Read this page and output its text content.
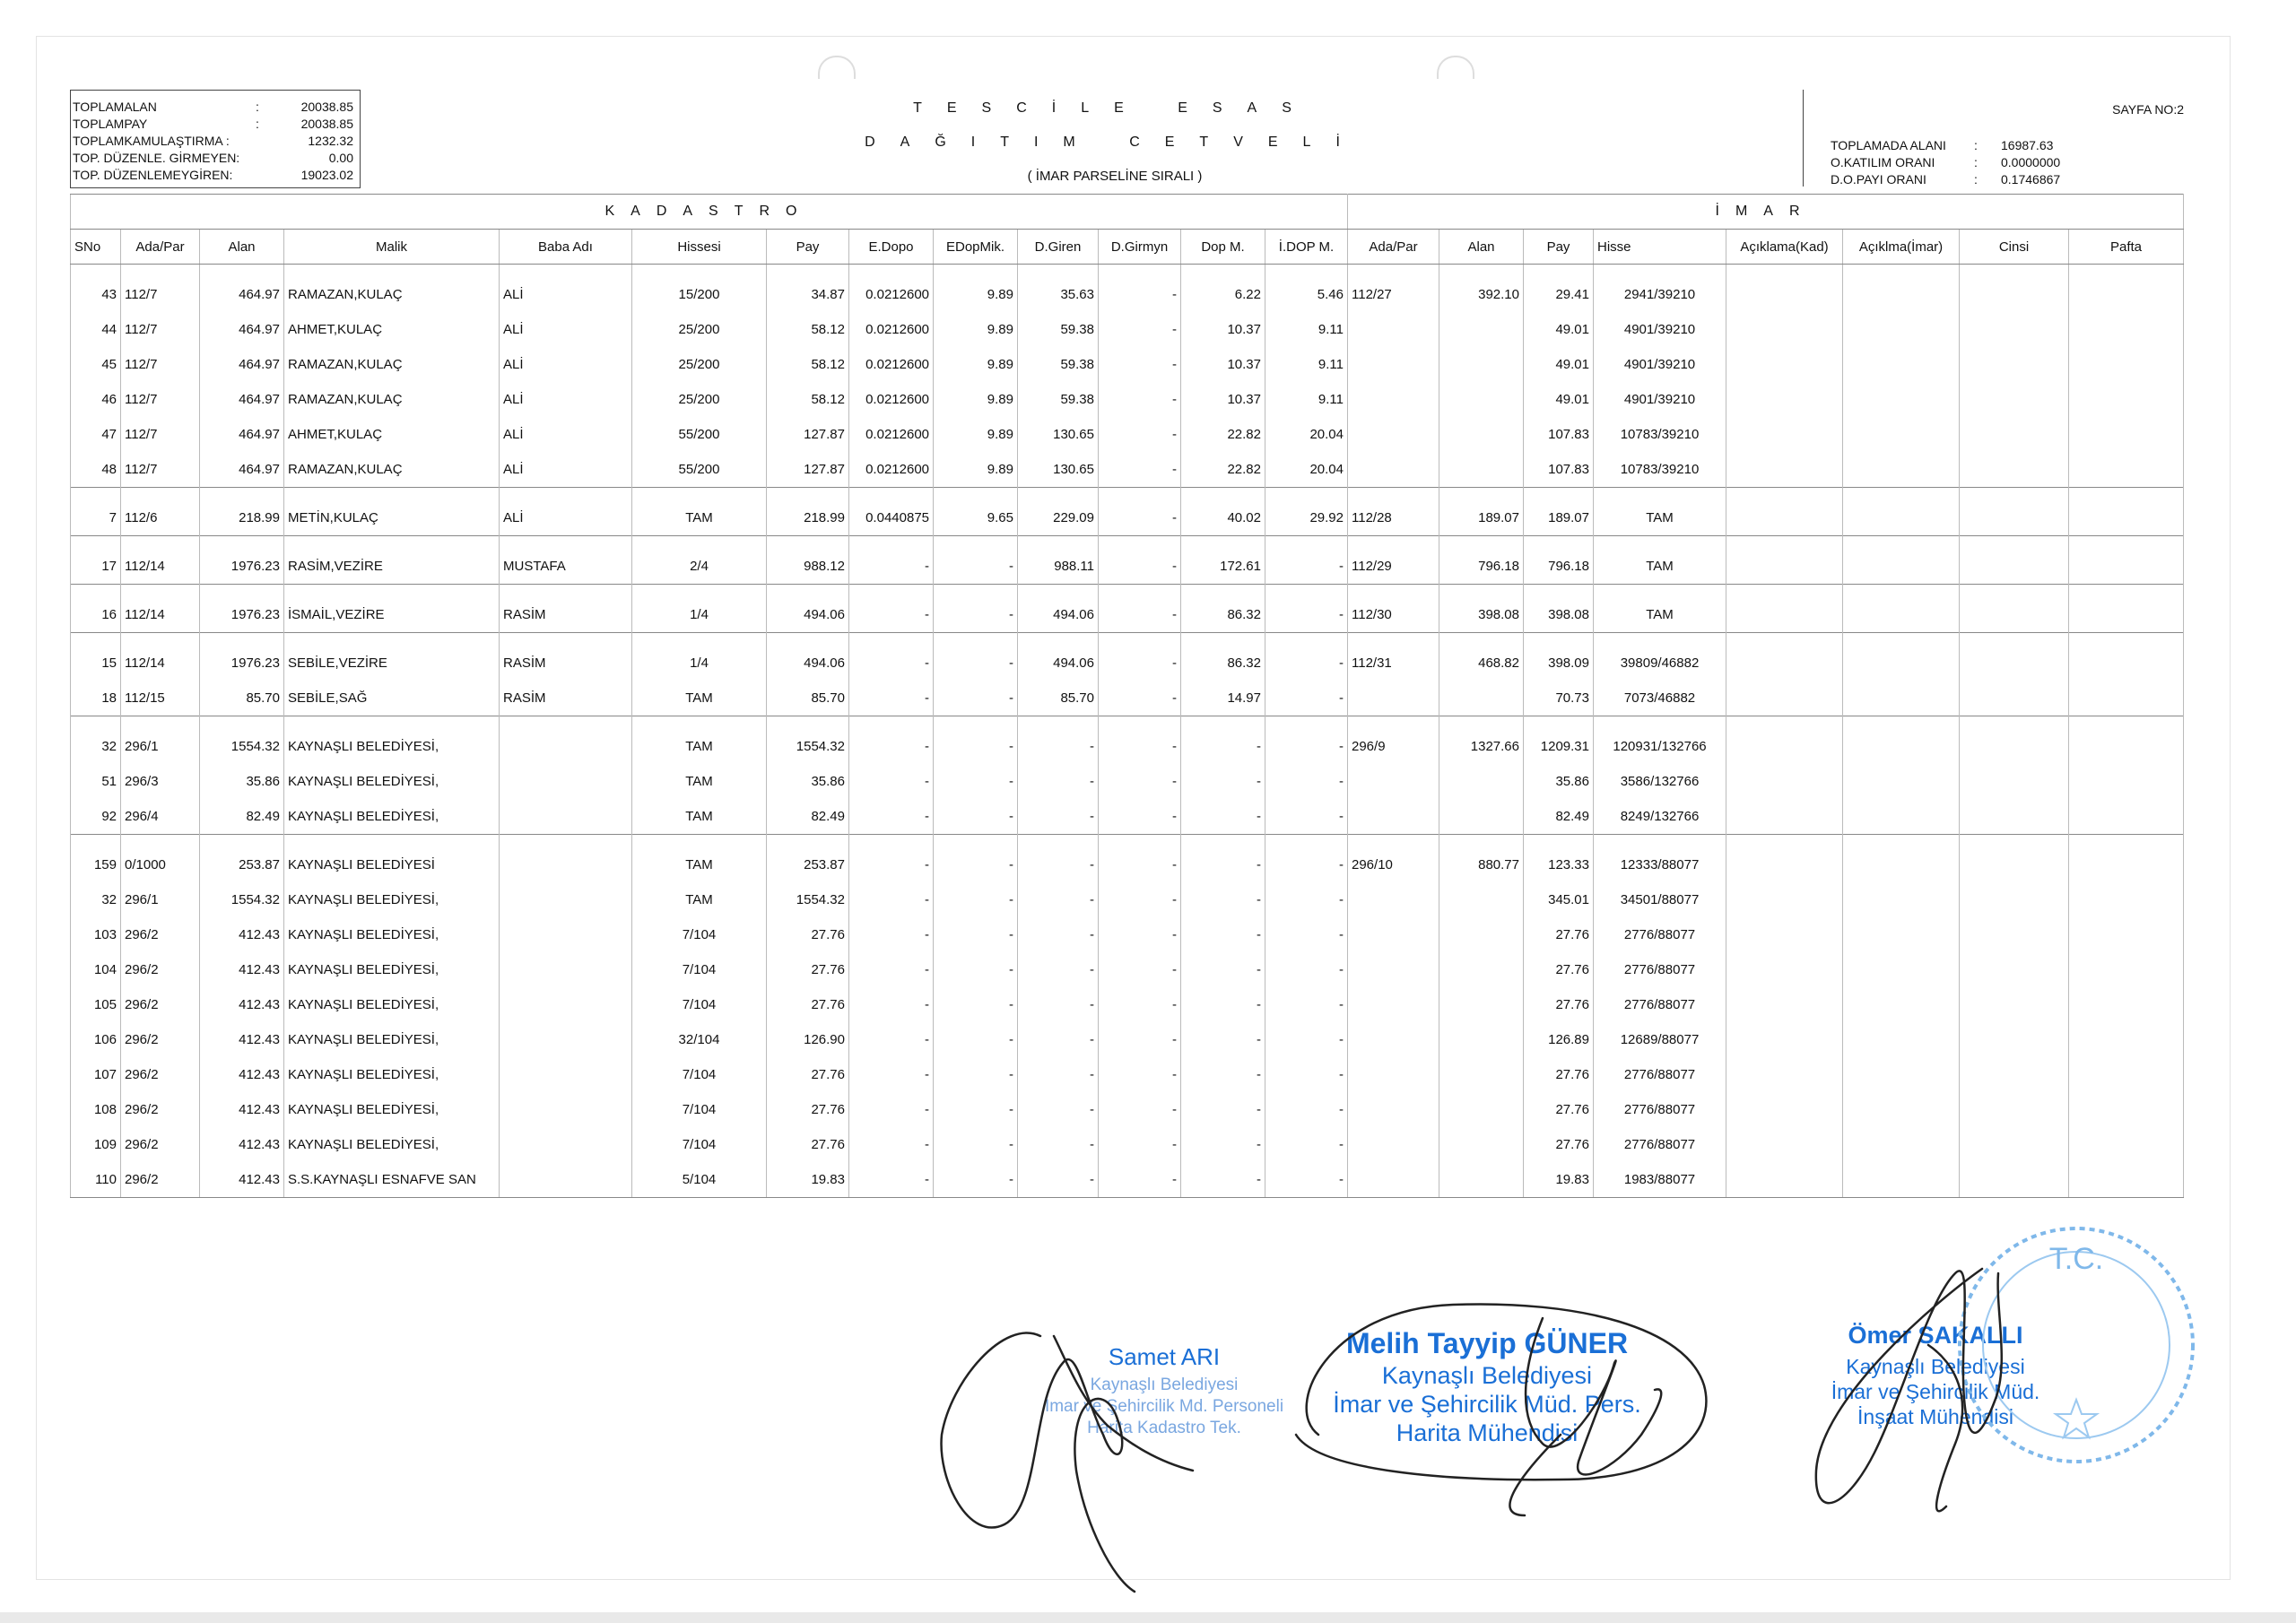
TOPLAMALAN	:	20038.85
TOPLAMPAY	:	20038.85
TOPLAMKAMULAŞTIRMA :	1232.32
TOP. DÜZENLE. GİRMEYEN:	0.00
TOP. DÜZENLEMEYGİREN:	19023.02
TESCİLE ESAS
DAĞITIM CETVELİ
( İMAR PARSELİNE SIRALI )
SAYFA NO:2
TOPLAMADA ALANI : 16987.63
O.KATILIM ORANI	: 0.0000000
D.O.PAYI ORANI	: 0.1746867
KADASTRO													İMAR							
SNo	Ada/Par	Alan	Malik	Baba Adı	Hissesi	Pay	E.Dopo	EDopMik.	D.Giren	D.Girmyn	Dop M.	İ.DOP M.	Ada/Par	Alan	Pay	Hisse	Açıklama(Kad)	Açıklma(İmar)	Cinsi	Pafta

43	112/7	464.97	RAMAZAN,KULAÇ	ALİ	15/200	34.87	0.0212600	9.89	35.63	-	6.22	5.46	112/27	392.10	29.41	2941/39210				
44	112/7	464.97	AHMET,KULAÇ	ALİ	25/200	58.12	0.0212600	9.89	59.38	-	10.37	9.11			49.01	4901/39210				
45	112/7	464.97	RAMAZAN,KULAÇ	ALİ	25/200	58.12	0.0212600	9.89	59.38	-	10.37	9.11			49.01	4901/39210				
46	112/7	464.97	RAMAZAN,KULAÇ	ALİ	25/200	58.12	0.0212600	9.89	59.38	-	10.37	9.11			49.01	4901/39210				
47	112/7	464.97	AHMET,KULAÇ	ALİ	55/200	127.87	0.0212600	9.89	130.65	-	22.82	20.04			107.83	10783/39210				
48	112/7	464.97	RAMAZAN,KULAÇ	ALİ	55/200	127.87	0.0212600	9.89	130.65	-	22.82	20.04			107.83	10783/39210				

7	112/6	218.99	METİN,KULAÇ	ALİ	TAM	218.99	0.0440875	9.65	229.09	-	40.02	29.92	112/28	189.07	189.07	TAM				

17	112/14	1976.23	RASİM,VEZİRE	MUSTAFA	2/4	988.12	-	-	988.11	-	172.61	-	112/29	796.18	796.18	TAM				

16	112/14	1976.23	İSMAİL,VEZİRE	RASİM	1/4	494.06	-	-	494.06	-	86.32	-	112/30	398.08	398.08	TAM				

15	112/14	1976.23	SEBİLE,VEZİRE	RASİM	1/4	494.06	-	-	494.06	-	86.32	-	112/31	468.82	398.09	39809/46882				
18	112/15	85.70	SEBİLE,SAĞ	RASİM	TAM	85.70	-	-	85.70	-	14.97	-			70.73	7073/46882				

32	296/1	1554.32	KAYNAŞLI BELEDİYESİ,		TAM	1554.32	-	-	-	-	-	-	296/9	1327.66	1209.31	120931/132766				
51	296/3	35.86	KAYNAŞLI BELEDİYESİ,		TAM	35.86	-	-	-	-	-	-			35.86	3586/132766				
92	296/4	82.49	KAYNAŞLI BELEDİYESİ,		TAM	82.49	-	-	-	-	-	-			82.49	8249/132766				

159	0/1000	253.87	KAYNAŞLI BELEDİYESİ		TAM	253.87	-	-	-	-	-	-	296/10	880.77	123.33	12333/88077				
32	296/1	1554.32	KAYNAŞLI BELEDİYESİ,		TAM	1554.32	-	-	-	-	-	-			345.01	34501/88077				
103	296/2	412.43	KAYNAŞLI BELEDİYESİ,		7/104	27.76	-	-	-	-	-	-			27.76	2776/88077				
104	296/2	412.43	KAYNAŞLI BELEDİYESİ,		7/104	27.76	-	-	-	-	-	-			27.76	2776/88077				
105	296/2	412.43	KAYNAŞLI BELEDİYESİ,		7/104	27.76	-	-	-	-	-	-			27.76	2776/88077				
106	296/2	412.43	KAYNAŞLI BELEDİYESİ,		32/104	126.90	-	-	-	-	-	-			126.89	12689/88077				
107	296/2	412.43	KAYNAŞLI BELEDİYESİ,		7/104	27.76	-	-	-	-	-	-			27.76	2776/88077				
108	296/2	412.43	KAYNAŞLI BELEDİYESİ,		7/104	27.76	-	-	-	-	-	-			27.76	2776/88077				
109	296/2	412.43	KAYNAŞLI BELEDİYESİ,		7/104	27.76	-	-	-	-	-	-			27.76	2776/88077				
110	296/2	412.43	S.S.KAYNAŞLI ESNAFVE SAN		5/104	19.83	-	-	-	-	-	-			19.83	1983/88077				
Samet ARI
Kaynaşlı Belediyesi
İmar ve Şehircilik Md. Personeli
Harita Kadastro Tek.
Melih Tayyip GÜNER
Kaynaşlı Belediyesi
İmar ve Şehircilik Müd. Pers.
Harita Mühendisi
Ömer SAKALLI
Kaynaşlı Belediyesi
İmar ve Şehircilik Müd.
İnşaat Mühendisi
T.C.
